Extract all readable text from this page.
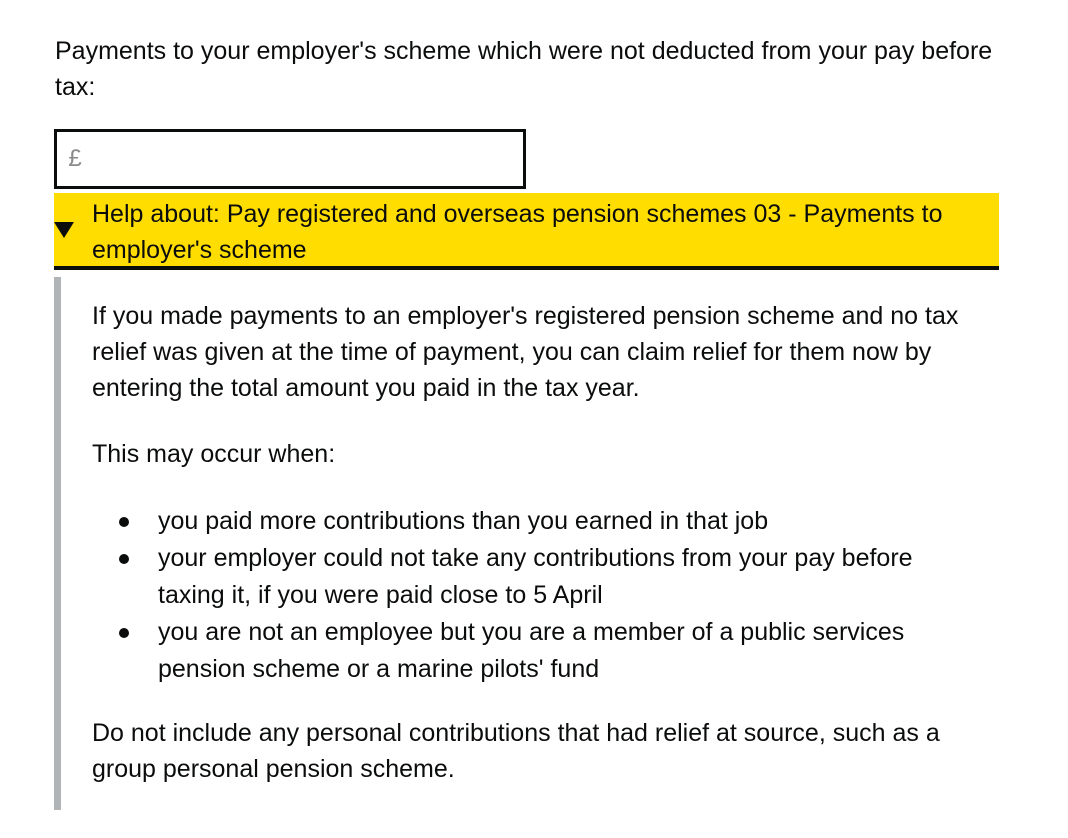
Payments to your employer's scheme which were not deducted from your pay before tax:
£
Help about: Pay registered and overseas pension schemes 03 - Payments to employer's scheme

If you made payments to an employer's registered pension scheme and no tax relief was given at the time of payment, you can claim relief for them now by entering the total amount you paid in the tax year.

This may occur when:

you paid more contributions than you earned in that job
your employer could not take any contributions from your pay before taxing it, if you were paid close to 5 April
you are not an employee but you are a member of a public services pension scheme or a marine pilots' fund

Do not include any personal contributions that had relief at source, such as a group personal pension scheme.
